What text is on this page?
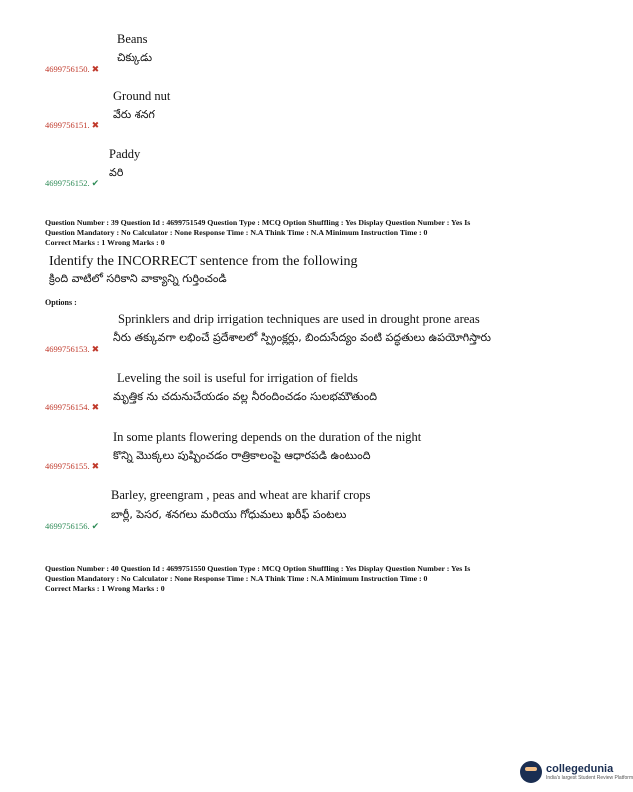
Beans
చిక్కుడు
4699756150. ✖
Ground nut
వేరు శనగ
4699756151. ✖
Paddy
వరి
4699756152. ✔
Question Number : 39 Question Id : 4699751549 Question Type : MCQ Option Shuffling : Yes Display Question Number : Yes Is
Question Mandatory : No Calculator : None Response Time : N.A Think Time : N.A Minimum Instruction Time : 0
Correct Marks : 1 Wrong Marks : 0
Identify the INCORRECT sentence from the following
క్రింది వాటిలో సరికాని వాక్యాన్ని గుర్తించండి
Options :
Sprinklers and drip irrigation techniques are used in drought prone areas
నీరు తక్కువగా లభించే ప్రదేశాలలో స్ప్రింక్లర్లు, బిందుసేద్యం వంటి పద్ధతులు ఉపయోగిస్తారు
4699756153. ✖
Leveling the soil is useful for irrigation of fields
మృత్తిక ను చదునుచేయడం వల్ల నీరందించడం సులభమౌతుంది
4699756154. ✖
In some plants flowering depends on the duration of the night
కొన్ని మొక్కలు పుష్పించడం రాత్రికాలంపై ఆధారపడి ఉంటుంది
4699756155. ✖
Barley, greengram , peas and wheat are kharif crops
బార్లీ, పెసర, శనగలు మరియు గోధుమలు ఖరీఫ్ పంటలు
4699756156. ✔
Question Number : 40 Question Id : 4699751550 Question Type : MCQ Option Shuffling : Yes Display Question Number : Yes Is
Question Mandatory : No Calculator : None Response Time : N.A Think Time : N.A Minimum Instruction Time : 0
Correct Marks : 1 Wrong Marks : 0
collegedunia
India's largest Student Review Platform
